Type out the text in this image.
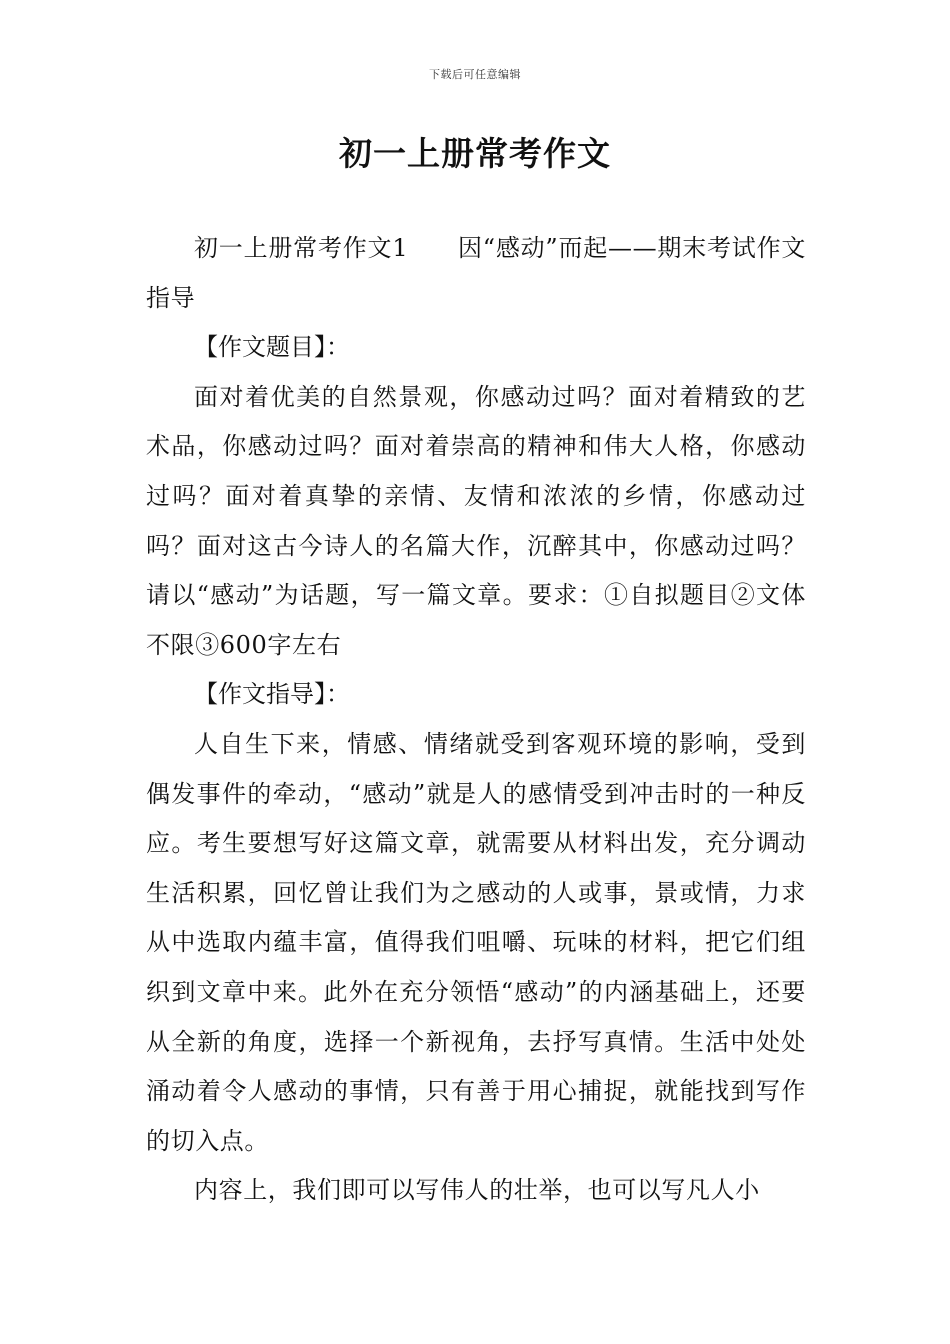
下载后可任意编辑
初一上册常考作文

初一上册常考作文1　　因“感动”而起——期末考试作文指导

【作文题目】：

面对着优美的自然景观，你感动过吗？面对着精致的艺术品，你感动过吗？面对着崇高的精神和伟大人格，你感动过吗？面对着真挚的亲情、友情和浓浓的乡情，你感动过吗？面对这古今诗人的名篇大作，沉醉其中，你感动过吗？请以“感动”为话题，写一篇文章。要求：①自拟题目②文体不限③600字左右

【作文指导】：

人自生下来，情感、情绪就受到客观环境的影响，受到偶发事件的牵动，“感动”就是人的感情受到冲击时的一种反应。考生要想写好这篇文章，就需要从材料出发，充分调动生活积累，回忆曾让我们为之感动的人或事，景或情，力求从中选取内蕴丰富，值得我们咀嚼、玩味的材料，把它们组织到文章中来。此外在充分领悟“感动”的内涵基础上，还要从全新的角度，选择一个新视角，去抒写真情。生活中处处涌动着令人感动的事情，只有善于用心捕捉，就能找到写作的切入点。

内容上，我们即可以写伟人的壮举，也可以写凡人小
